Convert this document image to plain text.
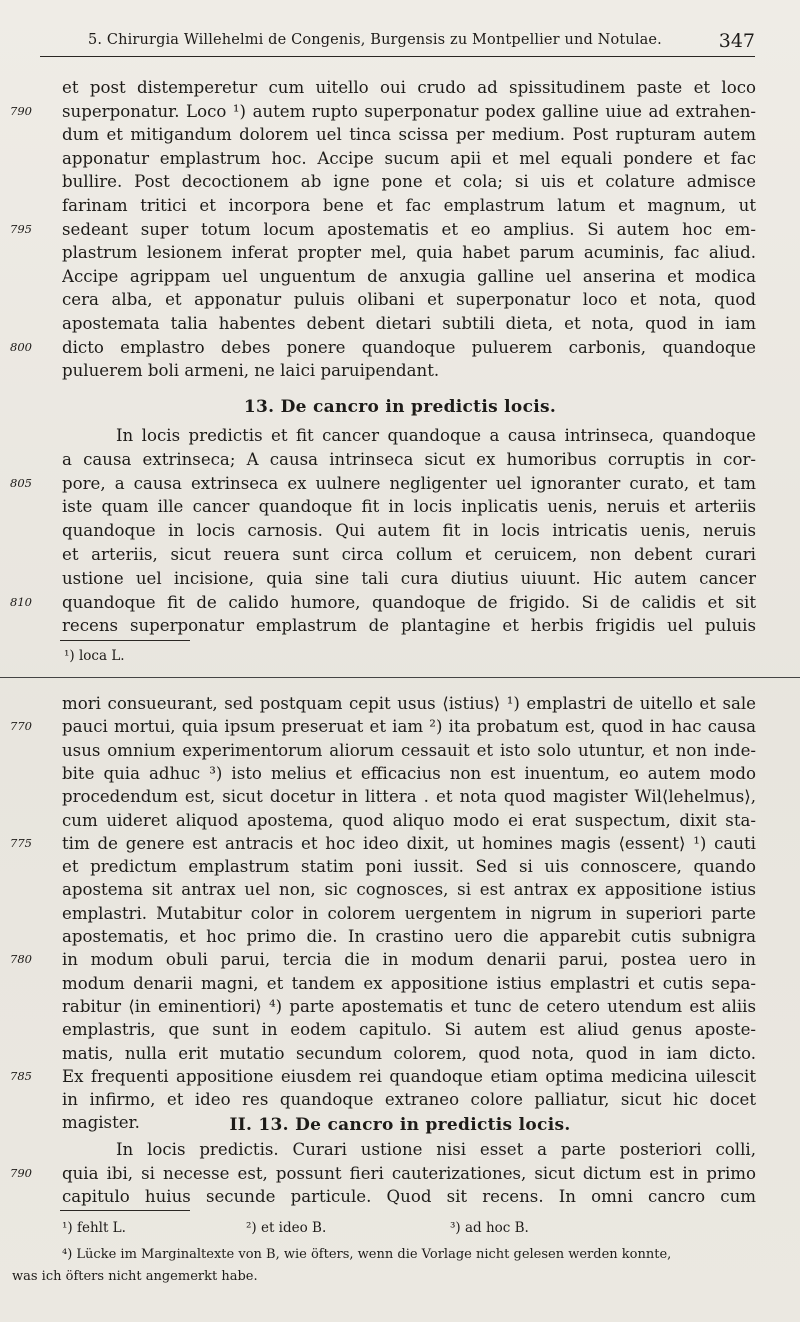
5. Chirurgia Willehelmi de Congenis, Burgensis zu Montpellier und Notulae.	347
et post distemperetur cum uitello oui crudo ad spissitudinem paste et loco
790	superponatur. Loco ¹) autem rupto superponatur podex galline uiue ad extrahen-
dum et mitigandum dolorem uel tinca scissa per medium. Post rupturam autem
apponatur emplastrum hoc. Accipe sucum apii et mel equali pondere et fac
bullire. Post decoctionem ab igne pone et cola; si uis et colature admisce
farinam tritici et incorpora bene et fac emplastrum latum et magnum, ut
795	sedeant super totum locum apostematis et eo amplius. Si autem hoc em-
plastrum lesionem inferat propter mel, quia habet parum acuminis, fac aliud.
Accipe agrippam uel unguentum de anxugia galline uel anserina et modica
cera alba, et apponatur puluis olibani et superponatur loco et nota, quod
apostemata talia habentes debent dietari subtili dieta, et nota, quod in iam
800	dicto emplastro debes ponere quandoque puluerem carbonis, quandoque
puluerem boli armeni, ne laici paruipendant.
13. De cancro in predictis locis.
In locis predictis et fit cancer quandoque a causa intrinseca, quandoque
a causa extrinseca; A causa intrinseca sicut ex humoribus corruptis in cor-
805	pore, a causa extrinseca ex uulnere negligenter uel ignoranter curato, et tam
iste quam ille cancer quandoque fit in locis inplicatis uenis, neruis et arteriis
quandoque in locis carnosis. Qui autem fit in locis intricatis uenis, neruis
et arteriis, sicut reuera sunt circa collum et ceruicem, non debent curari
ustione uel incisione, quia sine tali cura diutius uiuunt. Hic autem cancer
810	quandoque fit de calido humore, quandoque de frigido. Si de calidis et sit
recens superponatur emplastrum de plantagine et herbis frigidis uel puluis
¹) loca L.
mori consueurant, sed postquam cepit usus ⟨istius⟩ ¹) emplastri de uitello et sale
770	pauci mortui, quia ipsum preseruat et iam ²) ita probatum est, quod in hac causa
usus omnium experimentorum aliorum cessauit et isto solo utuntur, et non inde-
bite quia adhuc ³) isto melius et efficacius non est inuentum, eo autem modo
procedendum est, sicut docetur in littera . et nota quod magister Wil⟨lehelmus⟩,
cum uideret aliquod apostema, quod aliquo modo ei erat suspectum, dixit sta-
775	tim de genere est antracis et hoc ideo dixit, ut homines magis ⟨essent⟩ ¹) cauti
et predictum emplastrum statim poni iussit. Sed si uis connoscere, quando
apostema sit antrax uel non, sic cognosces, si est antrax ex appositione istius
emplastri. Mutabitur color in colorem uergentem in nigrum in superiori parte
apostematis, et hoc primo die. In crastino uero die apparebit cutis subnigra
780	in modum obuli parui, tercia die in modum denarii parui, postea uero in
modum denarii magni, et tandem ex appositione istius emplastri et cutis sepa-
rabitur ⟨in eminentiori⟩ ⁴) parte apostematis et tunc de cetero utendum est aliis
emplastris, que sunt in eodem capitulo. Si autem est aliud genus aposte-
matis, nulla erit mutatio secundum colorem, quod nota, quod in iam dicto.
785	Ex frequenti appositione eiusdem rei quandoque etiam optima medicina uilescit
in infirmo, et ideo res quandoque extraneo colore palliatur, sicut hic docet
magister.	II. 13. De cancro in predictis locis.
In locis predictis. Curari ustione nisi esset a parte posteriori colli,
790	quia ibi, si necesse est, possunt fieri cauterizationes, sicut dictum est in primo
capitulo huius secunde particule. Quod sit recens. In omni cancro cum
¹) fehlt L.	²) et ideo B.	³) ad hoc B.
⁴) Lücke im Marginaltexte von B, wie öfters, wenn die Vorlage nicht gelesen werden konnte,
was ich öfters nicht angemerkt habe.
